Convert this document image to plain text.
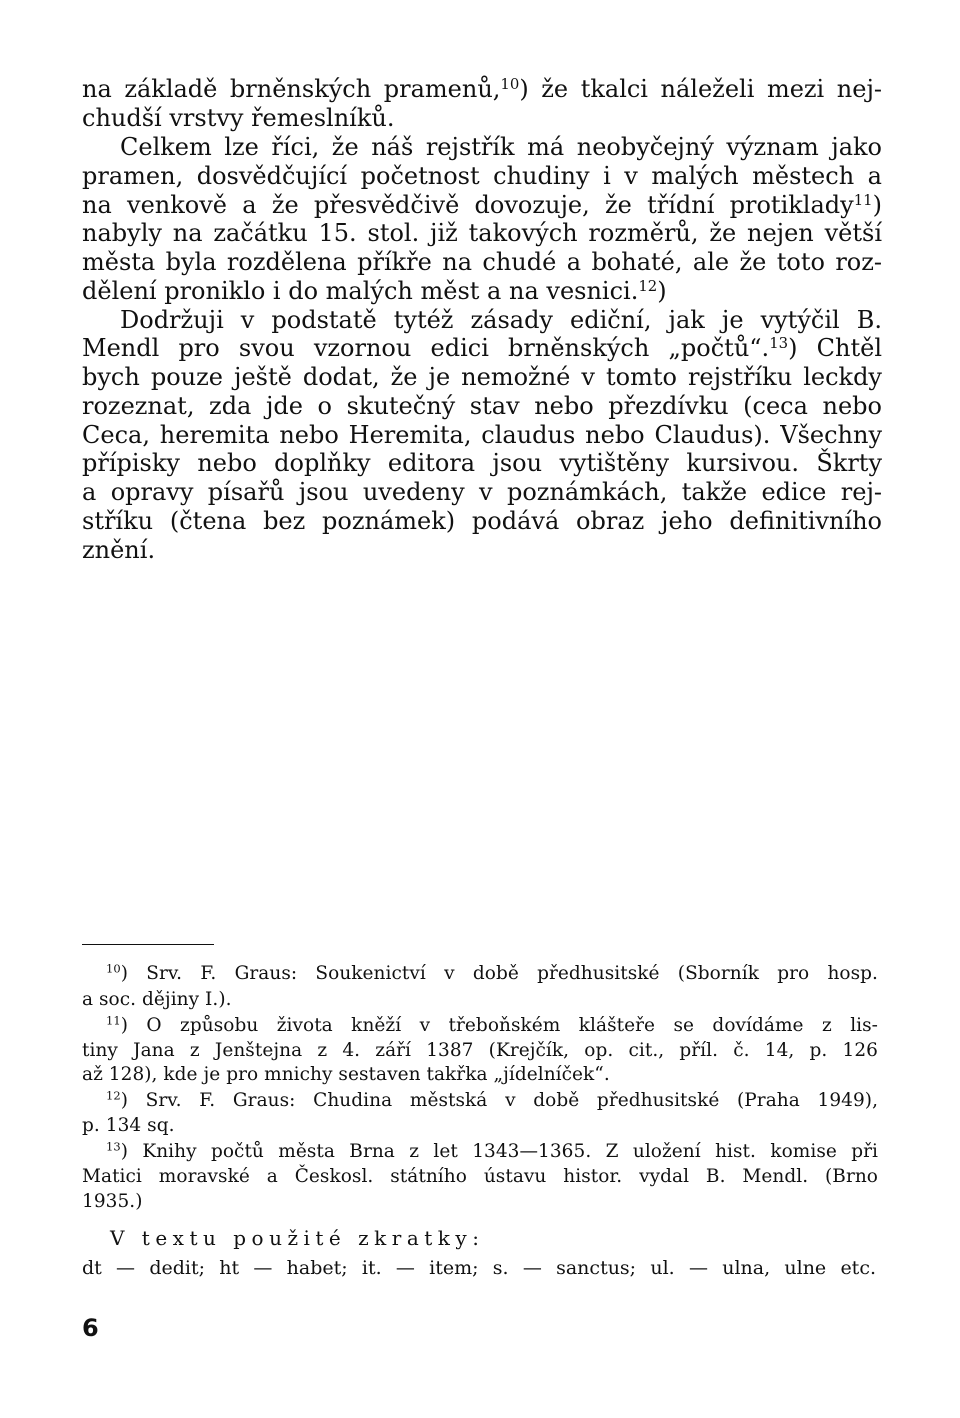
na základě brněnských pramenů,$^{10}$) že tkalci náleželi mezi nej-
chudší vrstvy řemeslníků.
Celkem lze říci, že náš rejstřík má neobyčejný význam jako
pramen, dosvědčující početnost chudiny i v malých městech a
na venkově a že přesvědčivě dovozuje, že třídní protiklady$^{11}$)
nabyly na začátku 15. stol. již takových rozměrů, že nejen větší
města byla rozdělena příkře na chudé a bohaté, ale že toto roz-
dělení proniklo i do malých měst a na vesnici.$^{12}$)
Dodržuji v podstatě tytéž zásady ediční, jak je vytýčil B.
Mendl pro svou vzornou edici brněnských „počtů“.$^{13}$) Chtěl
bych pouze ještě dodat, že je nemožné v tomto rejstříku leckdy
rozeznat, zda jde o skutečný stav nebo přezdívku (ceca nebo
Ceca, heremita nebo Heremita, claudus nebo Claudus). Všechny
přípisky nebo doplňky editora jsou vytištěny kursivou. Škrty
a opravy písařů jsou uvedeny v poznámkách, takže edice rej-
stříku (čtena bez poznámek) podává obraz jeho definitivního
znění.
$^{10}$) Srv. F. Graus: Soukenictví v době předhusitské (Sborník pro hosp.
a soc. dějiny I.).
$^{11}$) O způsobu života kněží v třeboňském klášteře se dovídáme z lis-
tiny Jana z Jenštejna z 4. září 1387 (Krejčík, op. cit., příl. č. 14, p. 126
až 128), kde je pro mnichy sestaven takřka „jídelníček“.
$^{12}$) Srv. F. Graus: Chudina městská v době předhusitské (Praha 1949),
p. 134 sq.
$^{13}$) Knihy počtů města Brna z let 1343—1365. Z uložení hist. komise při
Matici moravské a Českosl. státního ústavu histor. vydal B. Mendl. (Brno
1935.)
V textu použité zkratky:
dt — dedit; ht — habet; it. — item; s. — sanctus; ul. — ulna, ulne etc.
6
